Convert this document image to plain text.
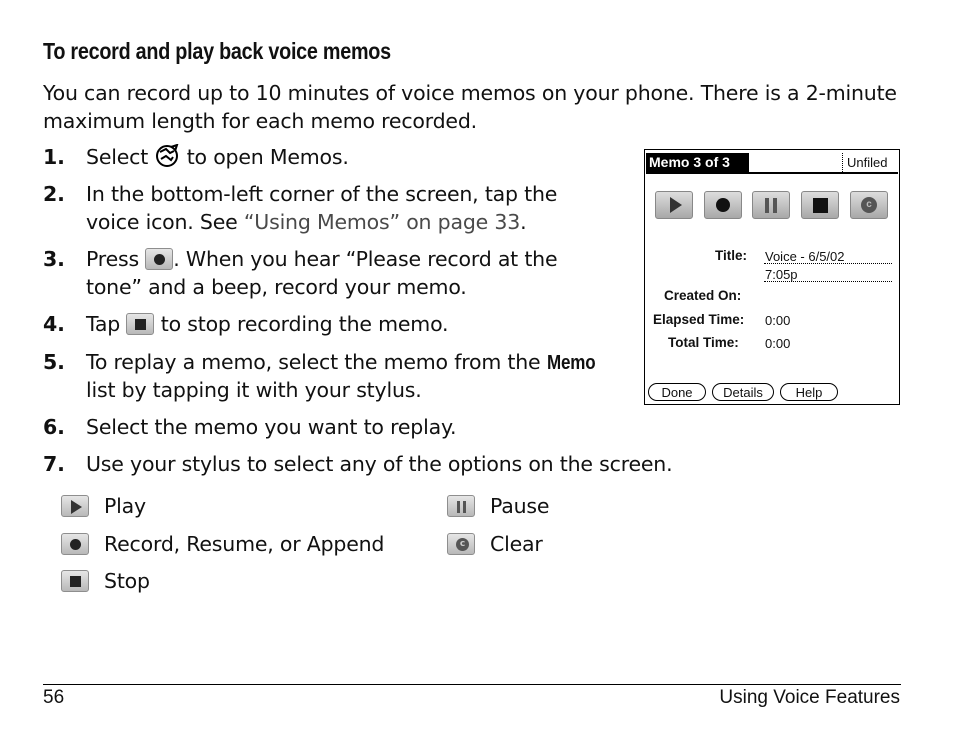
To record and play back voice memos
You can record up to 10 minutes of voice memos on your phone. There is a 2-minute maximum length for each memo recorded.
1. Select to open Memos.
2. In the bottom-left corner of the screen, tap the
voice icon. See “Using Memos” on page 33.
3. Press . When you hear “Please record at the
tone” and a beep, record your memo.
4. Tap to stop recording the memo.
5. To replay a memo, select the memo from the Memo
list by tapping it with your stylus.
6. Select the memo you want to replay.
7. Use your stylus to select any of the options on the screen.
Play	Pause
Record, Resume, or Append	c Clear
Stop
Memo 3 of 3	Unfiled
c
Title: Voice - 6/5/02
7:05p
Created On:
Elapsed Time: 0:00
Total Time: 0:00
Done	Details	Help
56	Using Voice Features
